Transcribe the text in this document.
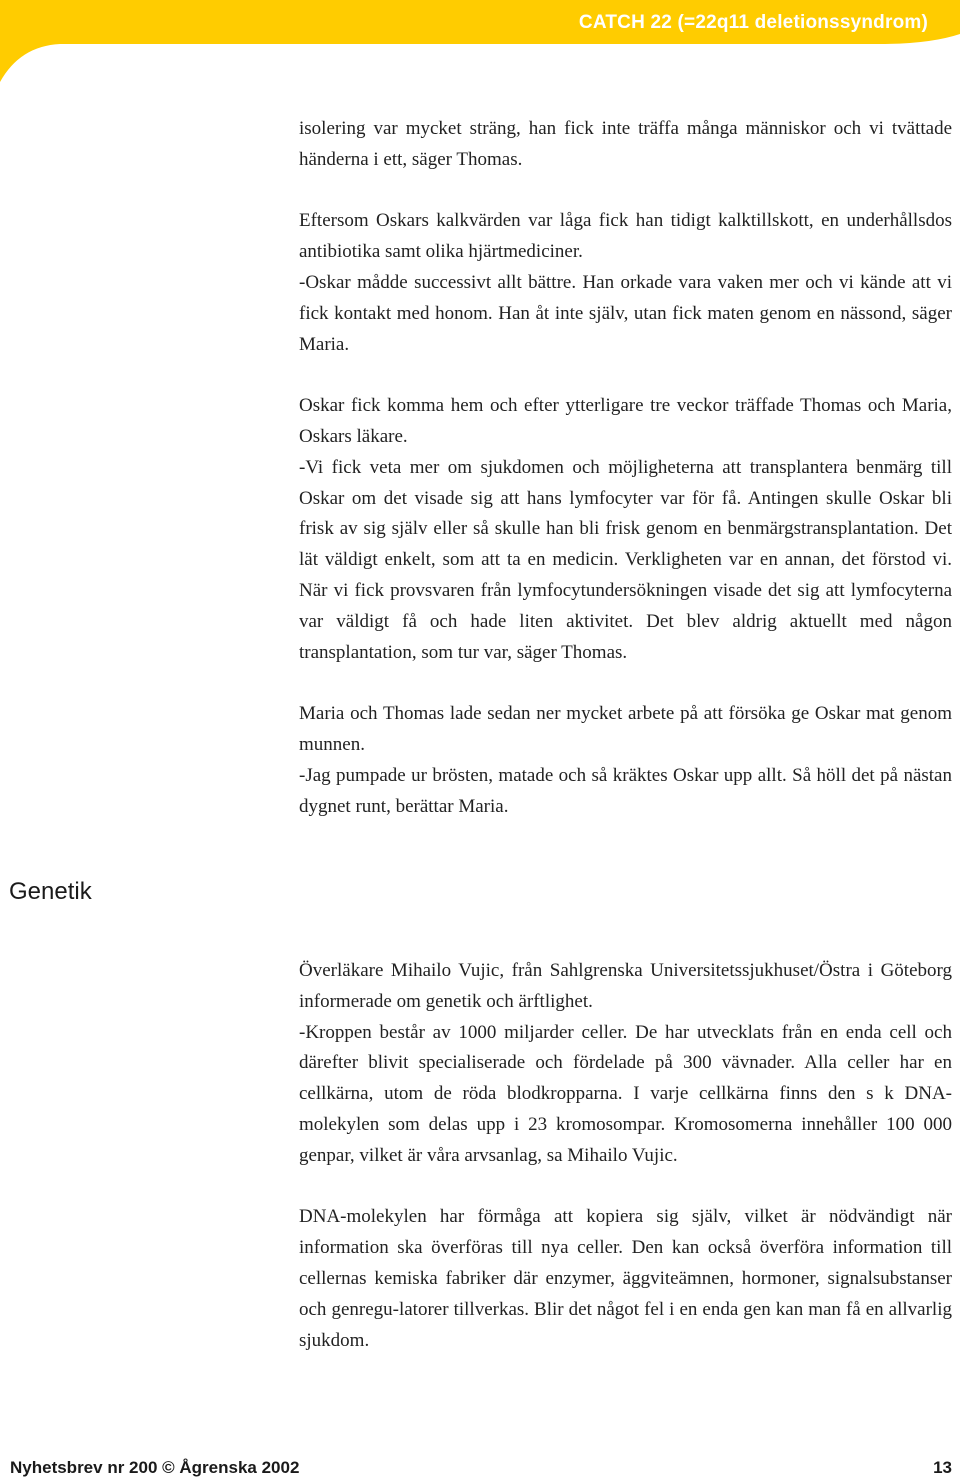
CATCH 22 (=22q11 deletionssyndrom)

isolering var mycket sträng, han fick inte träffa många människor och vi tvättade händerna i ett, säger Thomas.

Eftersom Oskars kalkvärden var låga fick han tidigt kalktillskott, en underhållsdos antibiotika samt olika hjärtmediciner.

-Oskar mådde successivt allt bättre. Han orkade vara vaken mer och vi kände att vi fick kontakt med honom. Han åt inte själv, utan fick maten genom en nässond, säger Maria.

Oskar fick komma hem och efter ytterligare tre veckor träffade Thomas och Maria, Oskars läkare.

-Vi fick veta mer om sjukdomen och möjligheterna att transplantera benmärg till Oskar om det visade sig att hans lymfocyter var för få. Antingen skulle Oskar bli frisk av sig själv eller så skulle han bli frisk genom en benmärgstransplantation. Det lät väldigt enkelt, som att ta en medicin. Verkligheten var en annan, det förstod vi. När vi fick provsvaren från lymfocytundersökningen visade det sig att lymfocyterna var väldigt få och hade liten aktivitet. Det blev aldrig aktuellt med någon transplantation, som tur var, säger Thomas.

Maria och Thomas lade sedan ner mycket arbete på att försöka ge Oskar mat genom munnen.

-Jag pumpade ur brösten, matade och så kräktes Oskar upp allt. Så höll det på nästan dygnet runt, berättar Maria.

Genetik

Överläkare Mihailo Vujic, från Sahlgrenska Universitetssjukhuset/Östra i Göteborg informerade om genetik och ärftlighet.

-Kroppen består av 1000 miljarder celler. De har utvecklats från en enda cell och därefter blivit specialiserade och fördelade på 300 vävnader. Alla celler har en cellkärna, utom de röda blodkropparna. I varje cellkärna finns den s k DNA-molekylen som delas upp i 23 kromosompar. Kromosomerna innehåller 100 000 genpar, vilket är våra arvsanlag, sa Mihailo Vujic.

DNA-molekylen har förmåga att kopiera sig själv, vilket är nödvändigt när information ska överföras till nya celler. Den kan också överföra information till cellernas kemiska fabriker där enzymer, äggviteämnen, hormoner, signalsubstanser och genregu-latorer tillverkas. Blir det något fel i en enda gen kan man få en allvarlig sjukdom.

Nyhetsbrev nr 200 © Ågrenska 2002	13
